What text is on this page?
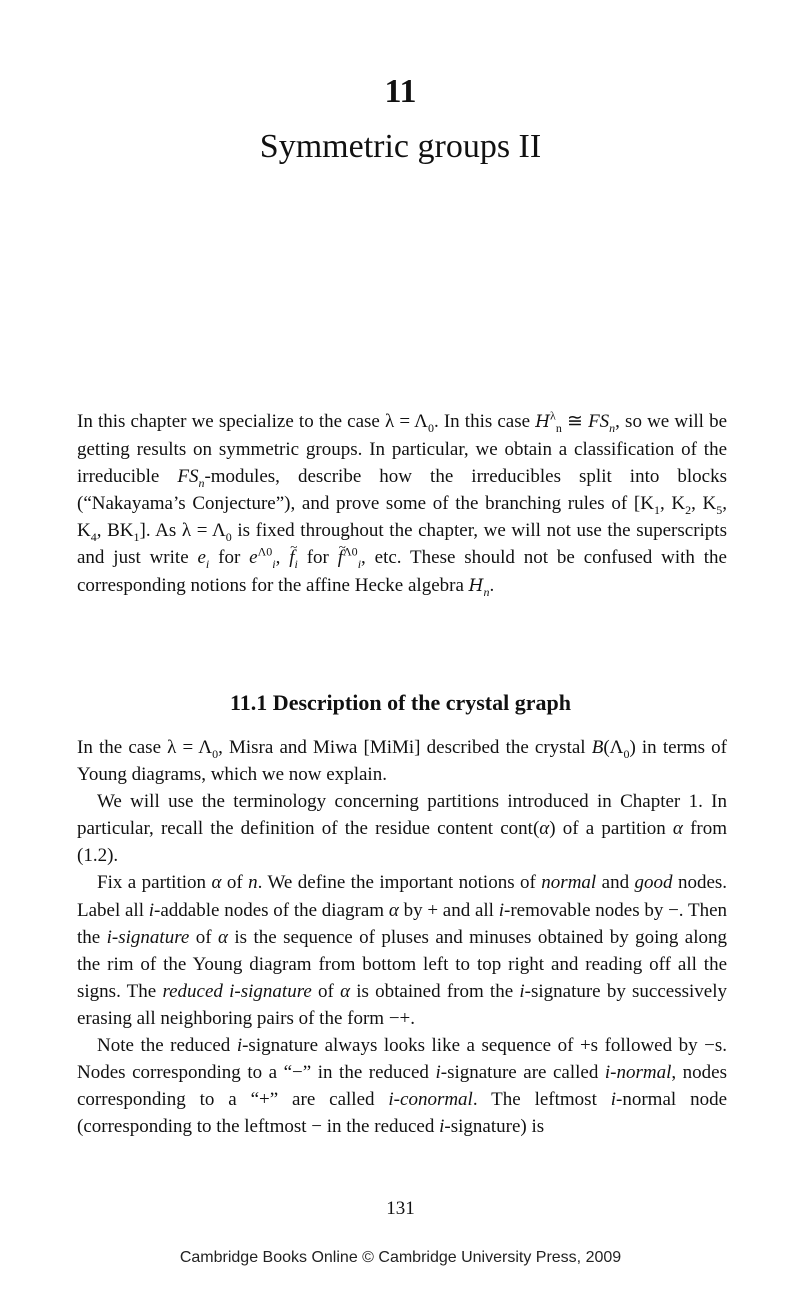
11
Symmetric groups II

In this chapter we specialize to the case $\lambda = \Lambda_0$. In this case $H^\lambda_n$ ≅ $FS_n$, so we will be getting results on symmetric groups. In particular, we obtain a classification of the irreducible $FS_n$-modules, describe how the irreducibles split into blocks (“Nakayama’s Conjecture”), and prove some of the branching rules of [$K_1$, $K_2$, $K_5$, $K_4$, $BK_1$]. As $\lambda = \Lambda_0$ is fixed throughout the chapter, we will not use the superscripts and just write $e_i$ for $e^{\Lambda 0}_i$, ~ $f_i$ for ~ $f^{\Lambda 0}_i$, etc. These should not be confused with the corresponding notions for the affine Hecke algebra $H_n$.

11.1 Description of the crystal graph

In the case $\lambda = \Lambda_0$, Misra and Miwa [MiMi] described the crystal $B(\Lambda_0)$ in terms of Young diagrams, which we now explain.

We will use the terminology concerning partitions introduced in Chapter 1. In particular, recall the definition of the residue content cont(α) of a partition α from (1.2).

Fix a partition α of n. We define the important notions of normal and good nodes. Label all i-addable nodes of the diagram α by + and all i-removable nodes by −. Then the i-signature of α is the sequence of pluses and minuses obtained by going along the rim of the Young diagram from bottom left to top right and reading off all the signs. The reduced i-signature of α is obtained from the i-signature by successively erasing all neighboring pairs of the form −+.

Note the reduced i-signature always looks like a sequence of +s followed by −s. Nodes corresponding to a “−” in the reduced i-signature are called i-normal, nodes corresponding to a “+” are called i-conormal. The leftmost i-normal node (corresponding to the leftmost − in the reduced i-signature) is

131
Cambridge Books Online © Cambridge University Press, 2009
